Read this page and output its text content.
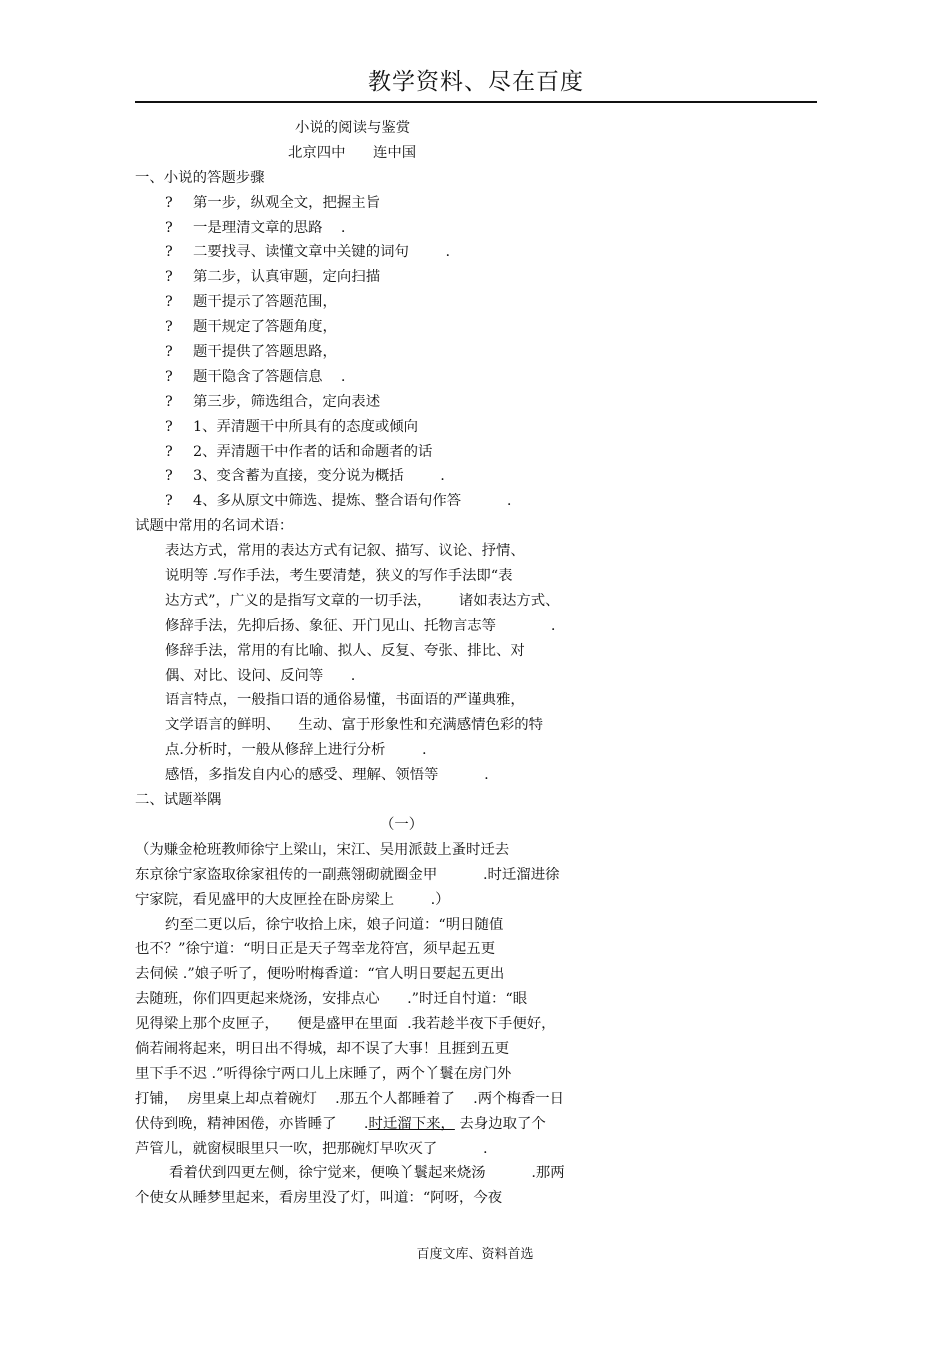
教学资料、尽在百度
小说的阅读与鉴赏
北京四中      连中国
一、小说的答题步骤
? 第一步，纵观全文，把握主旨
? 一是理清文章的思路    .
? 二要找寻、读懂文章中关键的词句        .
? 第二步，认真审题，定向扫描
? 题干提示了答题范围，
? 题干规定了答题角度，
? 题干提供了答题思路，
? 题干隐含了答题信息    .
? 第三步，筛选组合，定向表述
? 1、弄清题干中所具有的态度或倾向
? 2、弄清题干中作者的话和命题者的话
? 3、变含蓄为直接，变分说为概括        .
? 4、多从原文中筛选、提炼、整合语句作答          .
试题中常用的名词术语：
表达方式，常用的表达方式有记叙、描写、议论、抒情、
说明等 .写作手法，考生要清楚，狭义的写作手法即“表
达方式”，广义的是指写文章的一切手法，      诸如表达方式、
修辞手法，先抑后扬、象征、开门见山、托物言志等            .
修辞手法，常用的有比喻、拟人、反复、夸张、排比、对
偶、对比、设问、反问等      .
语言特点，一般指口语的通俗易懂，书面语的严谨典雅，
文学语言的鲜明、    生动、富于形象性和充满感情色彩的特
点.分析时，一般从修辞上进行分析        .
感悟，多指发自内心的感受、理解、领悟等          .
二、试题举隅
（一）
（为赚金枪班教师徐宁上梁山，宋江、吴用派鼓上蚤时迁去
东京徐宁家盗取徐家祖传的一副燕翎砌就圈金甲          .时迁溜进徐
宁家院，看见盛甲的大皮匣拴在卧房梁上        .）
约至二更以后，徐宁收拾上床，娘子问道：“明日随值
也不？”徐宁道：“明日正是天子驾幸龙符宫，须早起五更
去伺候 .”娘子听了，便吩咐梅香道：“官人明日要起五更出
去随班，你们四更起来烧汤，安排点心      .”时迁自忖道：“眼
见得梁上那个皮匣子，    便是盛甲在里面  .我若趁半夜下手便好，
倘若闹将起来，明日出不得城，却不误了大事！且捱到五更
里下手不迟 .”听得徐宁两口儿上床睡了，两个丫鬟在房门外
打铺，  房里桌上却点着碗灯    .那五个人都睡着了    .两个梅香一日
伏侍到晚，精神困倦，亦皆睡了      .时迁溜下来， 去身边取了个
芦管儿，就窗棂眼里只一吹，把那碗灯早吹灭了          .
看着伏到四更左侧，徐宁觉来，便唤丫鬟起来烧汤          .那两
个使女从睡梦里起来，看房里没了灯，叫道：“阿呀，今夜
百度文库、资料首选
